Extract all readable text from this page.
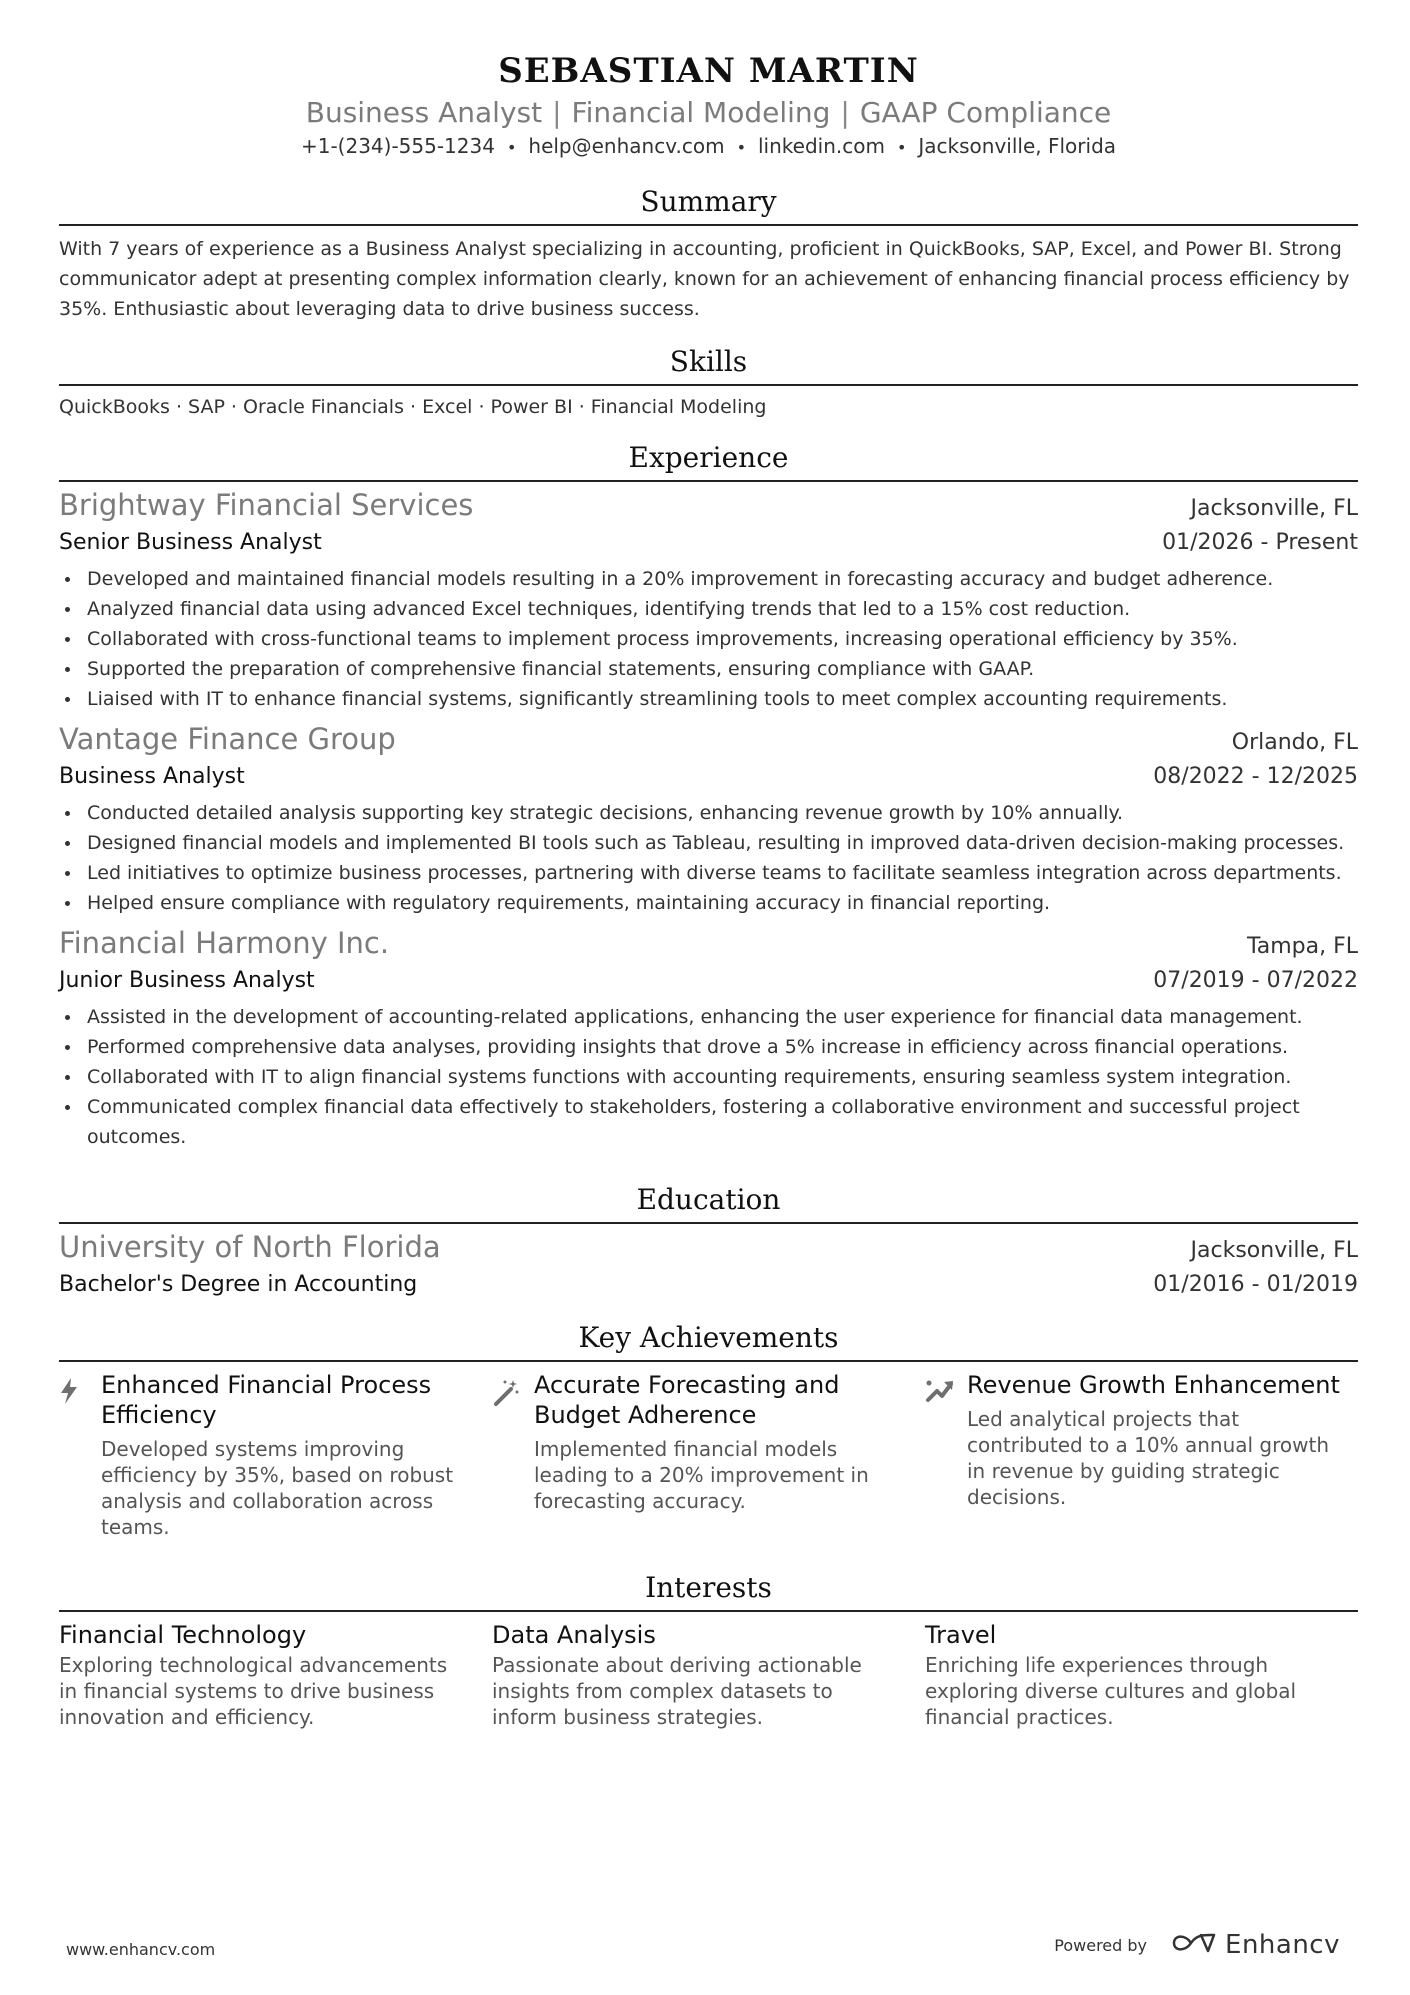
SEBASTIAN MARTIN
Business Analyst | Financial Modeling | GAAP Compliance
+1-(234)-555-1234 • help@enhancv.com • linkedin.com • Jacksonville, Florida
Summary

With 7 years of experience as a Business Analyst specializing in accounting, proficient in QuickBooks, SAP, Excel, and Power BI. Strong communicator adept at presenting complex information clearly, known for an achievement of enhancing financial process efficiency by 35%. Enthusiastic about leveraging data to drive business success.

Skills

QuickBooks · SAP · Oracle Financials · Excel · Power BI · Financial Modeling

Experience
Brightway Financial Services	Jacksonville, FL
Senior Business Analyst	01/2026 - Present
Developed and maintained financial models resulting in a 20% improvement in forecasting accuracy and budget adherence.
Analyzed financial data using advanced Excel techniques, identifying trends that led to a 15% cost reduction.
Collaborated with cross-functional teams to implement process improvements, increasing operational efficiency by 35%.
Supported the preparation of comprehensive financial statements, ensuring compliance with GAAP.
Liaised with IT to enhance financial systems, significantly streamlining tools to meet complex accounting requirements.
Vantage Finance Group	Orlando, FL
Business Analyst	08/2022 - 12/2025
Conducted detailed analysis supporting key strategic decisions, enhancing revenue growth by 10% annually.
Designed financial models and implemented BI tools such as Tableau, resulting in improved data-driven decision-making processes.
Led initiatives to optimize business processes, partnering with diverse teams to facilitate seamless integration across departments.
Helped ensure compliance with regulatory requirements, maintaining accuracy in financial reporting.
Financial Harmony Inc.	Tampa, FL
Junior Business Analyst	07/2019 - 07/2022
Assisted in the development of accounting-related applications, enhancing the user experience for financial data management.
Performed comprehensive data analyses, providing insights that drove a 5% increase in efficiency across financial operations.
Collaborated with IT to align financial systems functions with accounting requirements, ensuring seamless system integration.
Communicated complex financial data effectively to stakeholders, fostering a collaborative environment and successful project outcomes.
Education
University of North Florida	Jacksonville, FL
Bachelor's Degree in Accounting	01/2016 - 01/2019
Key Achievements
Enhanced Financial Process Efficiency
Developed systems improving efficiency by 35%, based on robust analysis and collaboration across teams.
Accurate Forecasting and Budget Adherence
Implemented financial models leading to a 20% improvement in forecasting accuracy.
Revenue Growth Enhancement
Led analytical projects that contributed to a 10% annual growth in revenue by guiding strategic decisions.
Interests
Financial Technology
Exploring technological advancements in financial systems to drive business innovation and efficiency.
Data Analysis
Passionate about deriving actionable insights from complex datasets to inform business strategies.
Travel
Enriching life experiences through exploring diverse cultures and global financial practices.
www.enhancv.com	Powered by	Enhancv
